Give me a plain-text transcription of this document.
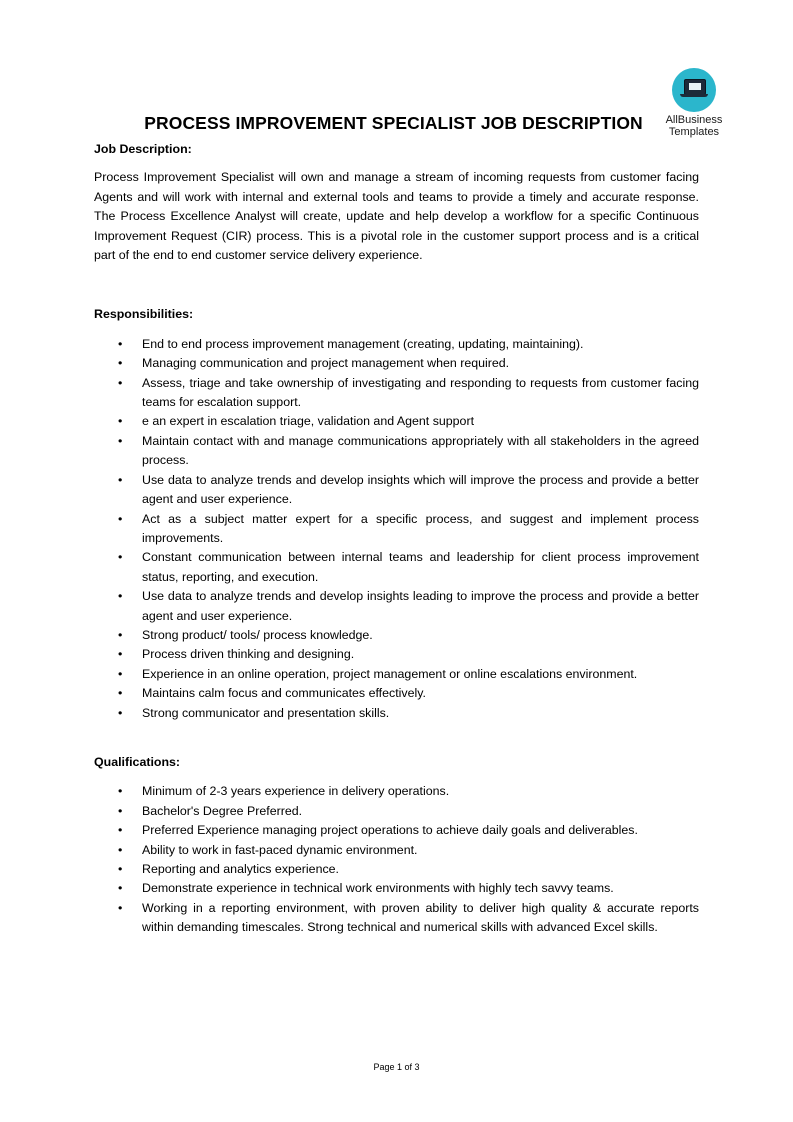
AllBusiness
Templates
PROCESS IMPROVEMENT SPECIALIST JOB DESCRIPTION

Job Description:

Process Improvement Specialist will own and manage a stream of incoming requests from customer facing Agents and will work with internal and external tools and teams to provide a timely and accurate response. The Process Excellence Analyst will create, update and help develop a workflow for a specific Continuous Improvement Request (CIR) process. This is a pivotal role in the customer support process and is a critical part of the end to end customer service delivery experience.

Responsibilities:

• End to end process improvement management (creating, updating, maintaining).
• Managing communication and project management when required.
• Assess, triage and take ownership of investigating and responding to requests from customer facing teams for escalation support.
• e an expert in escalation triage, validation and Agent support
• Maintain contact with and manage communications appropriately with all stakeholders in the agreed process.
• Use data to analyze trends and develop insights which will improve the process and provide a better agent and user experience.
• Act as a subject matter expert for a specific process, and suggest and implement process improvements.
• Constant communication between internal teams and leadership for client process improvement status, reporting, and execution.
• Use data to analyze trends and develop insights leading to improve the process and provide a better agent and user experience.
• Strong product/ tools/ process knowledge.
• Process driven thinking and designing.
• Experience in an online operation, project management or online escalations environment.
• Maintains calm focus and communicates effectively.
• Strong communicator and presentation skills.

Qualifications:

• Minimum of 2-3 years experience in delivery operations.
• Bachelor's Degree Preferred.
• Preferred Experience managing project operations to achieve daily goals and deliverables.
• Ability to work in fast-paced dynamic environment.
• Reporting and analytics experience.
• Demonstrate experience in technical work environments with highly tech savvy teams.
• Working in a reporting environment, with proven ability to deliver high quality & accurate reports within demanding timescales. Strong technical and numerical skills with advanced Excel skills.
Page 1 of 3
